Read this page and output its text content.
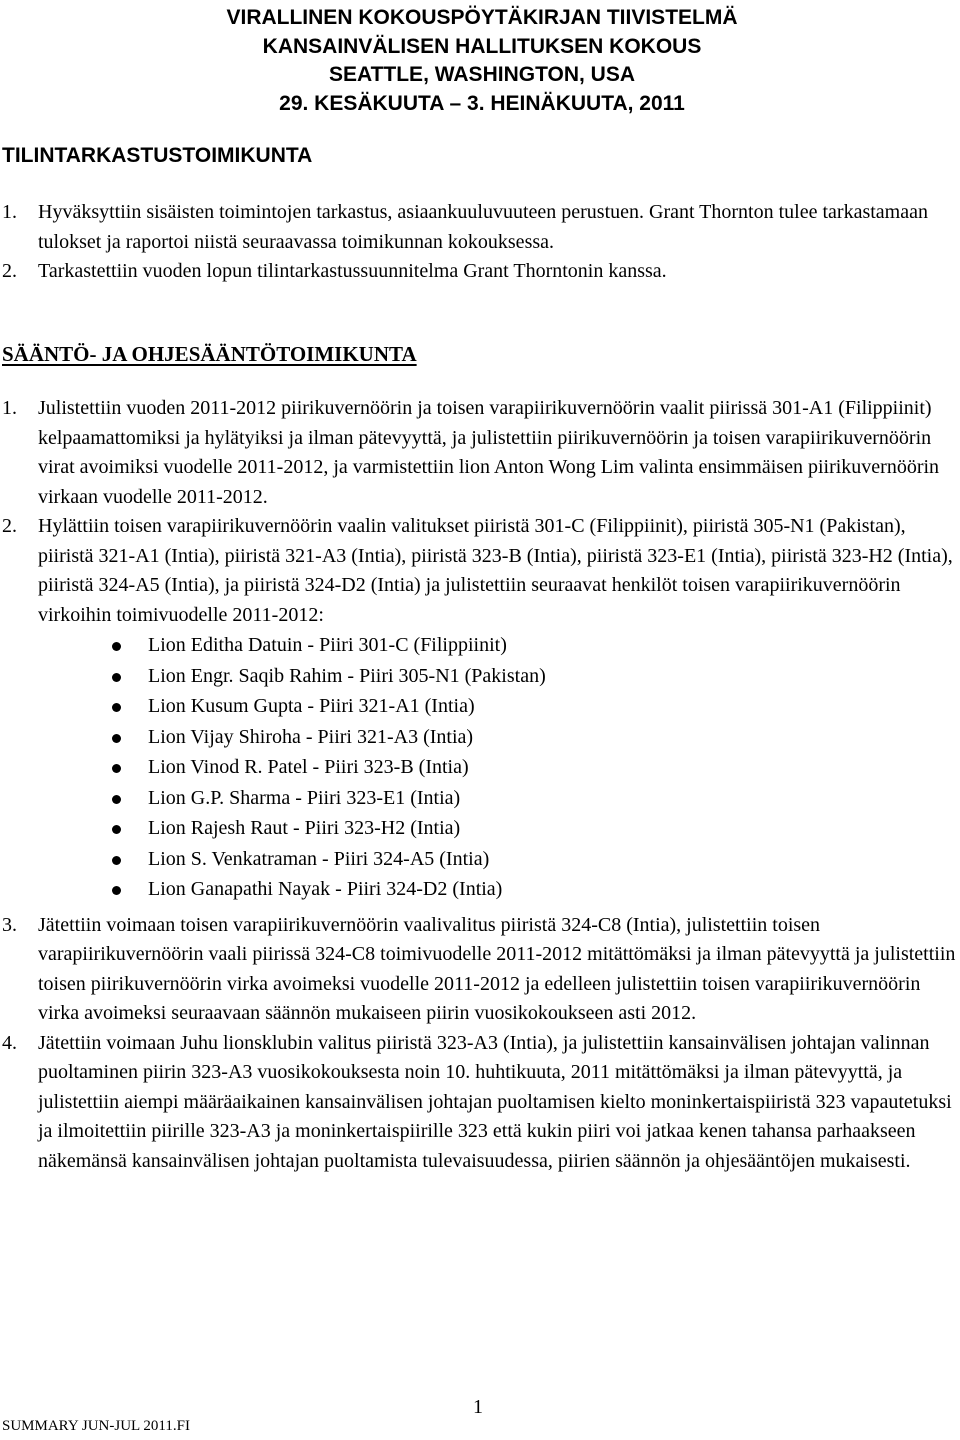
VIRALLINEN KOKOUSPÖYTÄKIRJAN TIIVISTELMÄ
KANSAINVÄLISEN HALLITUKSEN KOKOUS
SEATTLE, WASHINGTON, USA
29. KESÄKUUTA – 3. HEINÄKUUTA, 2011
TILINTARKASTUSTOIMIKUNTA
1. Hyväksyttiin sisäisten toimintojen tarkastus, asiaankuuluvuuteen perustuen. Grant Thornton tulee tarkastamaan tulokset ja raportoi niistä seuraavassa toimikunnan kokouksessa.
2. Tarkastettiin vuoden lopun tilintarkastussuunnitelma Grant Thorntonin kanssa.
SÄÄNTÖ- JA OHJESÄÄNTÖTOIMIKUNTA
1. Julistettiin vuoden 2011-2012 piirikuvernöörin ja toisen varapiirikuvernöörin vaalit piirissä 301-A1 (Filippiinit) kelpaamattomiksi ja hylätyiksi ja ilman pätevyyttä, ja julistettiin piirikuvernöörin ja toisen varapiirikuvernöörin virat avoimiksi vuodelle 2011-2012, ja varmistettiin lion Anton Wong Lim valinta ensimmäisen piirikuvernöörin virkaan vuodelle 2011-2012.
2. Hylättiin toisen varapiirikuvernöörin vaalin valitukset piiristä 301-C (Filippiinit), piiristä 305-N1 (Pakistan), piiristä 321-A1 (Intia), piiristä 321-A3 (Intia), piiristä 323-B (Intia), piiristä 323-E1 (Intia), piiristä 323-H2 (Intia), piiristä 324-A5 (Intia), ja piiristä 324-D2 (Intia) ja julistettiin seuraavat henkilöt toisen varapiirikuvernöörin virkoihin toimivuodelle 2011-2012:
Lion Editha Datuin - Piiri 301-C (Filippiinit)
Lion Engr. Saqib Rahim - Piiri 305-N1 (Pakistan)
Lion Kusum Gupta - Piiri 321-A1 (Intia)
Lion Vijay Shiroha - Piiri 321-A3 (Intia)
Lion Vinod R. Patel - Piiri 323-B (Intia)
Lion G.P. Sharma - Piiri 323-E1 (Intia)
Lion Rajesh Raut - Piiri 323-H2 (Intia)
Lion S. Venkatraman - Piiri 324-A5 (Intia)
Lion Ganapathi Nayak - Piiri 324-D2 (Intia)
3. Jätettiin voimaan toisen varapiirikuvernöörin vaalivalitus piiristä 324-C8 (Intia), julistettiin toisen varapiirikuvernöörin vaali piirissä 324-C8 toimivuodelle 2011-2012 mitättömäksi ja ilman pätevyyttä ja julistettiin toisen piirikuvernöörin virka avoimeksi vuodelle 2011-2012 ja edelleen julistettiin toisen varapiirikuvernöörin virka avoimeksi seuraavaan säännön mukaiseen piirin vuosikokoukseen asti 2012.
4. Jätettiin voimaan Juhu lionsklubin valitus piiristä 323-A3 (Intia), ja julistettiin kansainvälisen johtajan valinnan puoltaminen piirin 323-A3 vuosikokouksesta noin 10. huhtikuuta, 2011 mitättömäksi ja ilman pätevyyttä, ja julistettiin aiempi määräaikainen kansainvälisen johtajan puoltamisen kielto moninkertaispiiristä 323 vapautetuksi ja ilmoitettiin piirille 323-A3 ja moninkertaispiirille 323 että kukin piiri voi jatkaa kenen tahansa parhaakseen näkemänsä kansainvälisen johtajan puoltamista tulevaisuudessa, piirien säännön ja ohjesääntöjen mukaisesti.
1
SUMMARY JUN-JUL 2011.FI
